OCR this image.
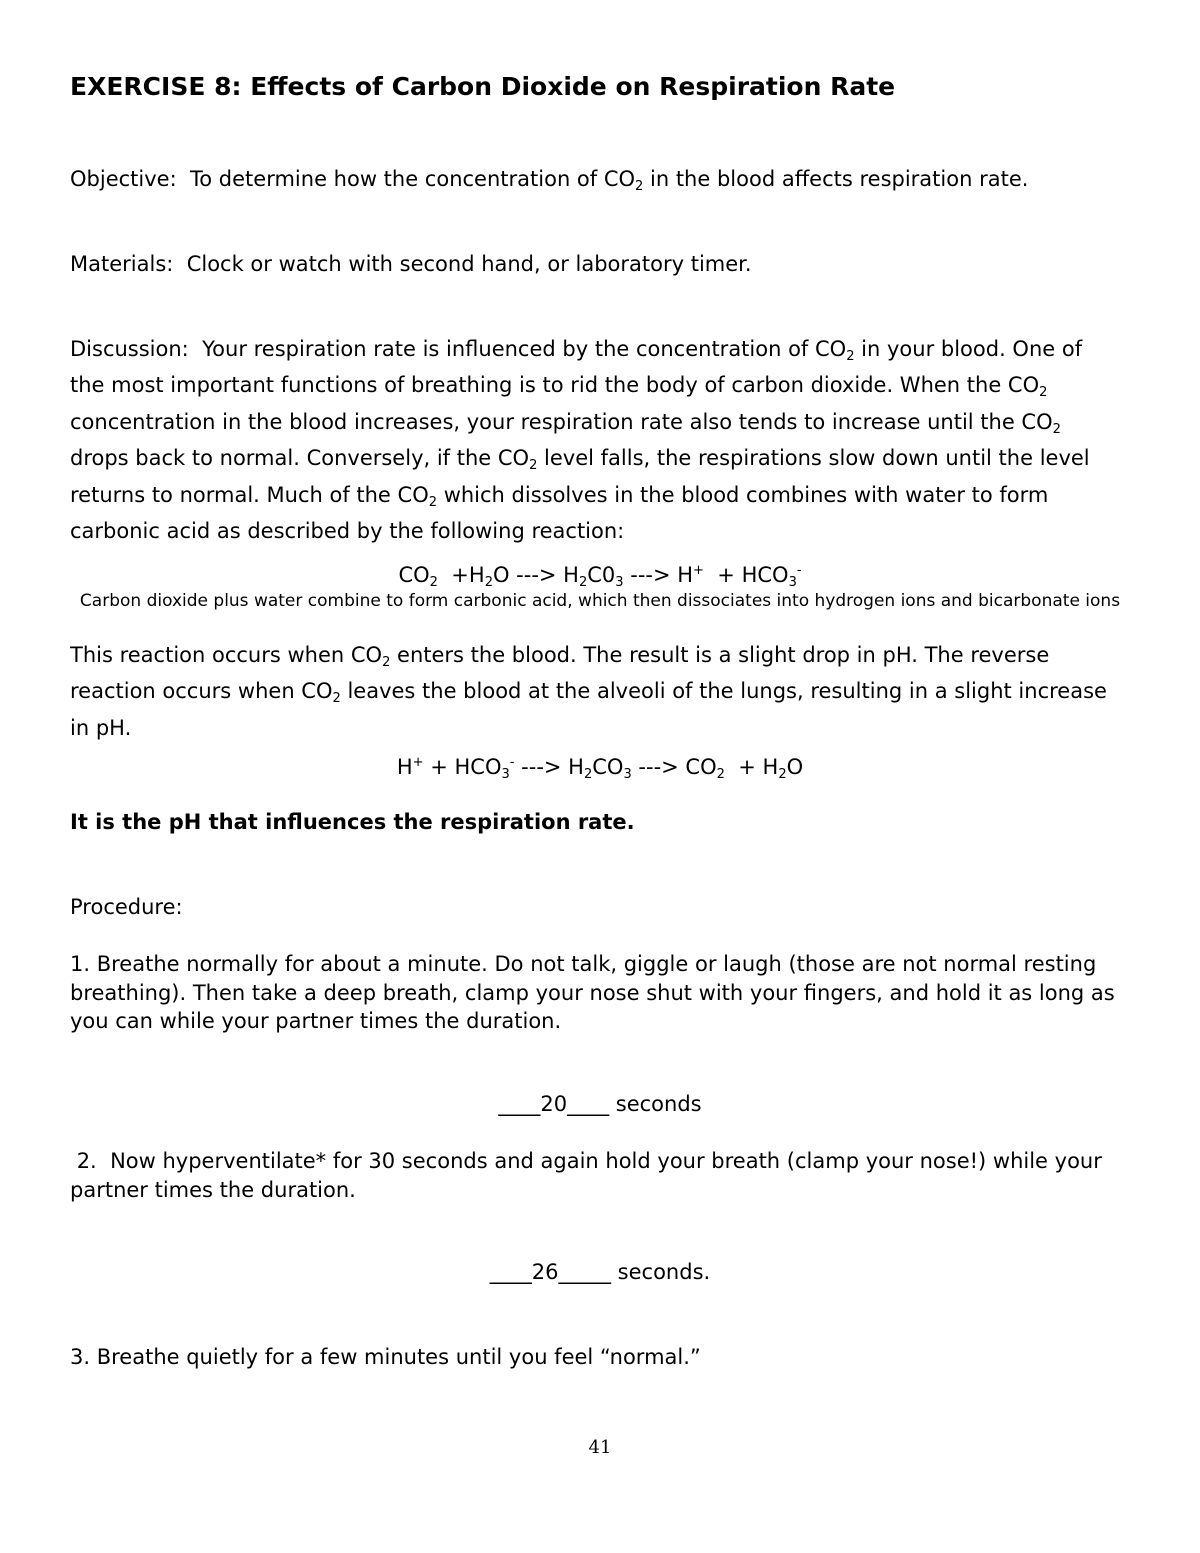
EXERCISE 8: Effects of Carbon Dioxide on Respiration Rate
Objective: To determine how the concentration of $CO_2$ in the blood affects respiration rate.
Materials: Clock or watch with second hand, or laboratory timer.
Discussion: Your respiration rate is influenced by the concentration of $CO_2$ in your blood. One of the most important functions of breathing is to rid the body of carbon dioxide. When the $CO_2$ concentration in the blood increases, your respiration rate also tends to increase until the $CO_2$ drops back to normal. Conversely, if the $CO_2$ level falls, the respirations slow down until the level returns to normal. Much of the $CO_2$ which dissolves in the blood combines with water to form carbonic acid as described by the following reaction:
$CO_2 +H_2O$ ---> $H_2C0_3$ ---> $H^+ + HCO_3^-$
Carbon dioxide plus water combine to form carbonic acid, which then dissociates into hydrogen ions and bicarbonate ions
This reaction occurs when $CO_2$ enters the blood. The result is a slight drop in pH. The reverse reaction occurs when $CO_2$ leaves the blood at the alveoli of the lungs, resulting in a slight increase in pH.
$H^+ + HCO_3^-$ ---> $H_2CO_3$ ---> $CO_2 + H_2O$
It is the pH that influences the respiration rate.
Procedure:
1. Breathe normally for about a minute. Do not talk, giggle or laugh (those are not normal resting breathing). Then take a deep breath, clamp your nose shut with your fingers, and hold it as long as you can while your partner times the duration.
____20____ seconds
2.  Now hyperventilate* for 30 seconds and again hold your breath (clamp your nose!) while your partner times the duration.
____26_____ seconds.
3. Breathe quietly for a few minutes until you feel “normal.”
41
